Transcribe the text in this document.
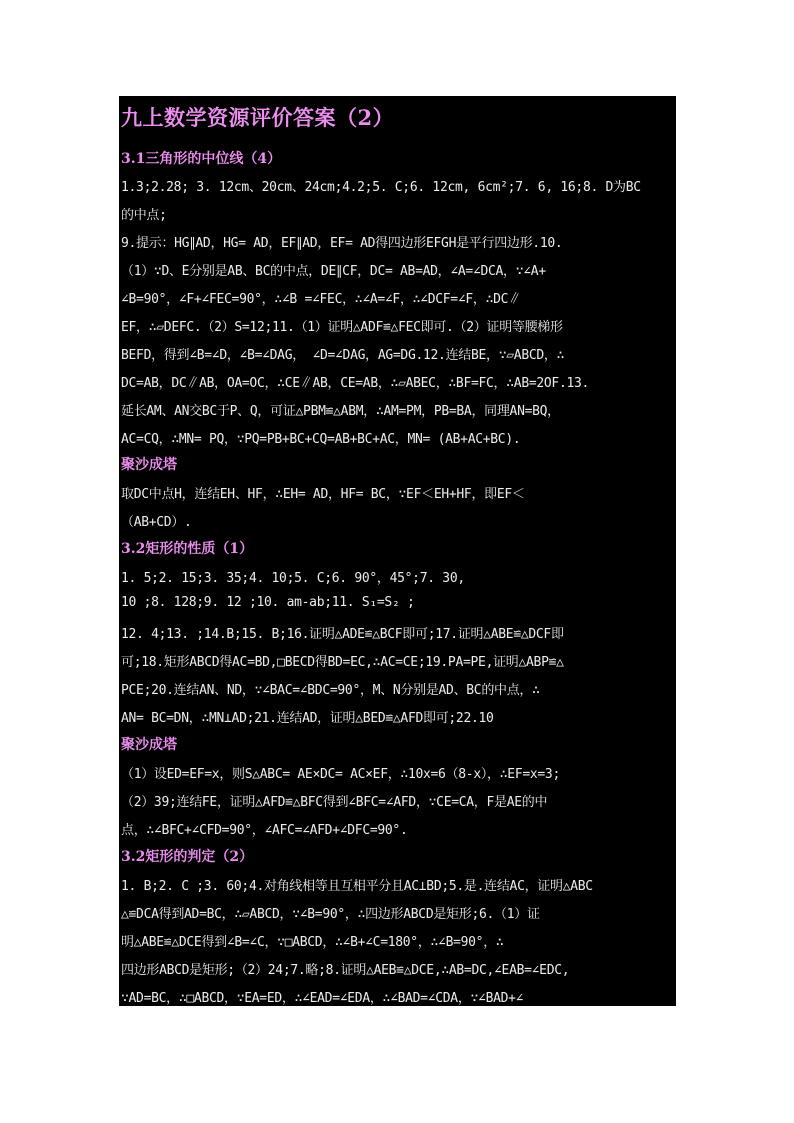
九上数学资源评价答案（2）
3.1三角形的中位线（4）
1.3;2.28; 3. 12cm、20cm、24cm;4.2;5. C;6. 12cm, 6cm²;7. 6, 16;8. D为BC
的中点;
9.提示：HG∥AD，HG= AD，EF∥AD，EF= AD得四边形EFGH是平行四边形.10.
（1）∵D、E分别是AB、BC的中点，DE∥CF，DC= AB=AD，∠A=∠DCA，∵∠A+
∠B=90°，∠F+∠FEC=90°，∴∠B =∠FEC，∴∠A=∠F，∴∠DCF=∠F，∴DC∥
EF，∴▱DEFC.（2）S=12;11.（1）证明△ADF≌△FEC即可.（2）证明等腰梯形
BEFD，得到∠B=∠D，∠B=∠DAG， ∠D=∠DAG，AG=DG.12.连结BE，∵▱ABCD，∴
DC=AB，DC∥AB，OA=OC，∴CE∥AB，CE=AB，∴▱ABEC，∴BF=FC，∴AB=2OF.13.
延长AM、AN交BC于P、Q，可证△PBM≌△ABM，∴AM=PM，PB=BA，同理AN=BQ，
AC=CQ，∴MN= PQ，∵PQ=PB+BC+CQ=AB+BC+AC，MN= (AB+AC+BC).
聚沙成塔
取DC中点H，连结EH、HF，∴EH= AD，HF= BC，∵EF＜EH+HF，即EF＜
（AB+CD）.
3.2矩形的性质（1）
1. 5;2. 15;3. 35;4. 10;5. C;6. 90°，45°;7. 30,
10 ;8. 128;9. 12 ;10. am-ab;11. S₁=S₂ ;
12. 4;13. ;14.B;15. B;16.证明△ADE≌△BCF即可;17.证明△ABE≌△DCF即
可;18.矩形ABCD得AC=BD,□BECD得BD=EC,∴AC=CE;19.PA=PE,证明△ABP≌△
PCE;20.连结AN、ND，∵∠BAC=∠BDC=90°，M、N分别是AD、BC的中点，∴
AN= BC=DN，∴MN⊥AD;21.连结AD，证明△BED≌△AFD即可;22.10
聚沙成塔
（1）设ED=EF=x，则S△ABC= AE×DC= AC×EF，∴10x=6（8-x），∴EF=x=3;
（2）39;连结FE，证明△AFD≌△BFC得到∠BFC=∠AFD，∵CE=CA，F是AE的中
点，∴∠BFC+∠CFD=90°，∠AFC=∠AFD+∠DFC=90°.
3.2矩形的判定（2）
1. B;2. C ;3. 60;4.对角线相等且互相平分且AC⊥BD;5.是.连结AC，证明△ABC
△≌DCA得到AD=BC，∴▱ABCD，∵∠B=90°，∴四边形ABCD是矩形;6.（1）证
明△ABE≌△DCE得到∠B=∠C，∵□ABCD，∴∠B+∠C=180°，∴∠B=90°，∴
四边形ABCD是矩形;（2）24;7.略;8.证明△AEB≌△DCE,∴AB=DC,∠EAB=∠EDC,
∵AD=BC，∴□ABCD，∵EA=ED，∴∠EAD=∠EDA，∴∠BAD=∠CDA，∵∠BAD+∠
